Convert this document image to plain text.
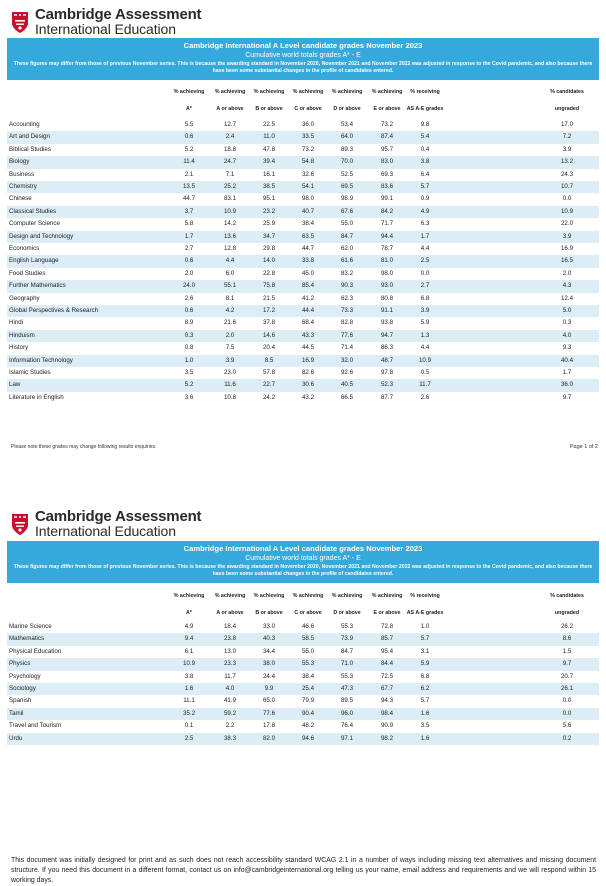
Cambridge Assessment
International Education
Cambridge International A Level candidate grades November 2023
Cumulative world totals grades A* - E
These figures may differ from those of previous November series. This is because the awarding standard in November 2020, November 2021 and November 2022 was adjusted in response to the Covid pandemic, and also because there have been some substantial changes in the profile of candidates entered.
% achieving
A*
% achieving
A or above
% achieving
B or above
% achieving
C or above
% achieving
D or above
% achieving
E or above
% receiving
AS A-E grades
% candidates
ungraded
Accounting	5.5	12.7	22.5	36.0	53.4	73.2	9.8	17.0
Art and Design	0.6	2.4	11.0	33.5	64.0	87.4	5.4	7.2
Biblical Studies	5.2	18.8	47.8	73.2	89.3	95.7	0.4	3.9
Biology	11.4	24.7	39.4	54.8	70.0	83.0	3.8	13.2
Business	2.1	7.1	16.1	32.6	52.5	69.3	6.4	24.3
Chemistry	13.5	25.2	38.5	54.1	69.5	83.6	5.7	10.7
Chinese	44.7	83.1	95.1	98.0	98.9	99.1	0.9	0.0
Classical Studies	3.7	10.9	23.2	40.7	67.6	84.2	4.9	10.9
Computer Science	5.8	14.2	25.9	38.4	55.0	71.7	6.3	22.0
Design and Technology	1.7	13.6	34.7	63.5	84.7	94.4	1.7	3.9
Economics	2.7	12.8	29.8	44.7	62.0	78.7	4.4	16.9
English Language	0.6	4.4	14.0	33.8	61.6	81.0	2.5	16.5
Food Studies	2.0	6.0	22.8	45.0	83.2	98.0	0.0	2.0
Further Mathematics	24.0	55.1	75.8	85.4	90.3	93.0	2.7	4.3
Geography	2.6	8.1	21.5	41.2	62.3	80.8	6.8	12.4
Global Perspectives & Research	0.6	4.2	17.2	44.4	73.3	91.1	3.9	5.0
Hindi	8.9	21.6	37.8	68.4	82.8	93.8	5.9	0.3
Hinduism	0.3	2.0	14.6	43.3	77.6	94.7	1.3	4.0
History	0.8	7.5	20.4	44.5	71.4	86.3	4.4	9.3
Information Technology	1.0	3.9	8.5	16.9	32.0	48.7	10.9	40.4
Islamic Studies	3.5	23.0	57.8	82.6	92.6	97.8	0.5	1.7
Law	5.2	11.6	22.7	30.6	40.5	52.3	11.7	36.0
Literature in English	3.6	10.8	24.2	43.2	66.5	87.7	2.6	9.7
Please note these grades may change following results enquiries.	Page 1 of 2
Cambridge Assessment
International Education
Cambridge International A Level candidate grades November 2023
Cumulative world totals grades A* - E
These figures may differ from those of previous November series. This is because the awarding standard in November 2020, November 2021 and November 2022 was adjusted in response to the Covid pandemic, and also because there have been some substantial changes in the profile of candidates entered.
% achieving
A*
% achieving
A or above
% achieving
B or above
% achieving
C or above
% achieving
D or above
% achieving
E or above
% receiving
AS A-E grades
% candidates
ungraded
Marine Science	4.9	18.4	33.0	46.6	55.3	72.8	1.0	26.2
Mathematics	9.4	23.8	40.3	58.5	73.9	85.7	5.7	8.6
Physical Education	6.1	13.0	34.4	55.0	84.7	95.4	3.1	1.5
Physics	10.9	23.3	38.0	55.3	71.0	84.4	5.9	9.7
Psychology	3.8	11.7	24.4	38.4	55.3	72.5	6.8	20.7
Sociology	1.6	4.0	9.9	25.4	47.3	67.7	6.2	26.1
Spanish	11.1	41.9	65.0	79.9	89.5	94.3	5.7	0.0
Tamil	35.2	59.2	77.6	90.4	96.0	98.4	1.6	0.0
Travel and Tourism	0.1	2.2	17.8	48.2	76.4	90.9	3.5	5.6
Urdu	2.5	38.3	82.0	94.6	97.1	98.2	1.6	0.2
This document was initially designed for print and as such does not reach accessibility standard WCAG 2.1 in a number of ways including missing text alternatives and missing document structure. If you need this document in a different format, contact us on info@cambridgeinternational.org telling us your name, email address and requirements and we will respond within 15 working days.
